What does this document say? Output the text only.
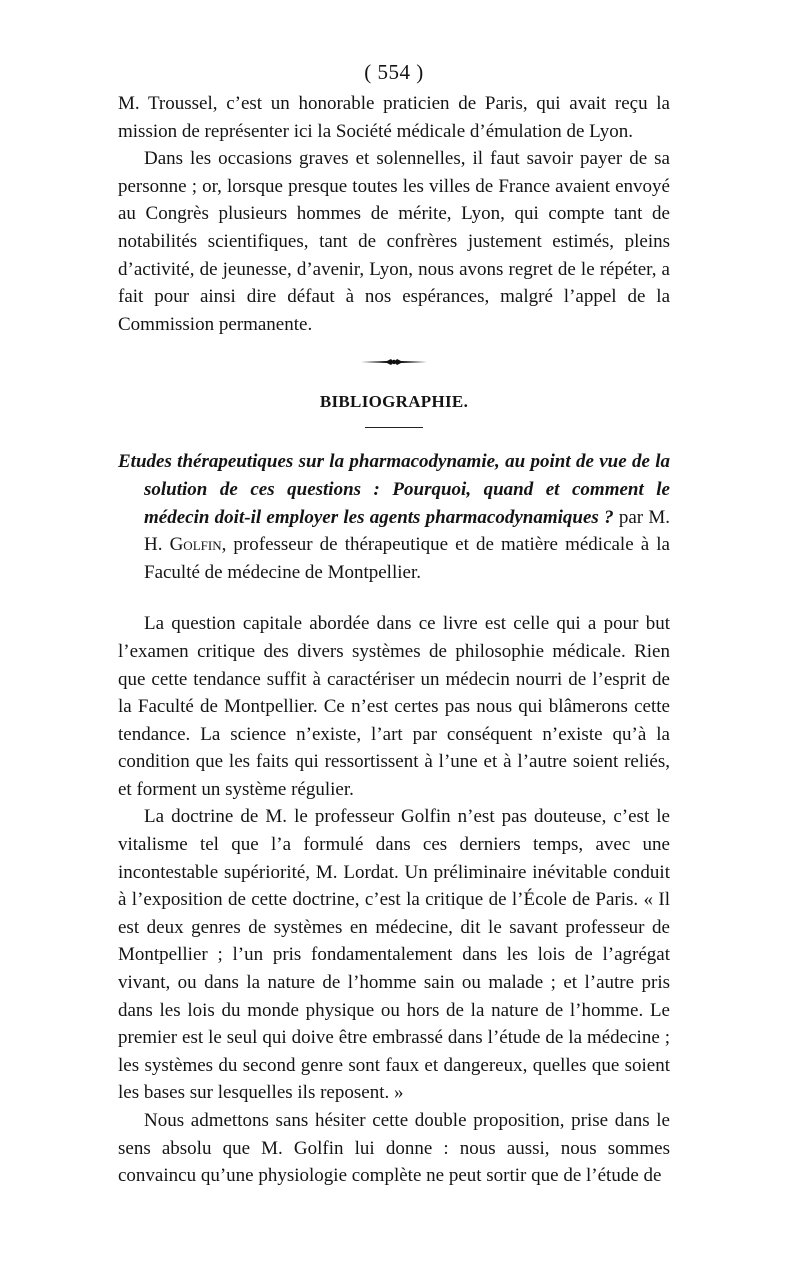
( 554 )

M. Troussel, c’est un honorable praticien de Paris, qui avait reçu la mission de représenter ici la Société médicale d’émulation de Lyon.

Dans les occasions graves et solennelles, il faut savoir payer de sa personne ; or, lorsque presque toutes les villes de France avaient envoyé au Congrès plusieurs hommes de mérite, Lyon, qui compte tant de notabilités scientifiques, tant de confrères justement estimés, pleins d’activité, de jeunesse, d’avenir, Lyon, nous avons regret de le répéter, a fait pour ainsi dire défaut à nos espérances, malgré l’appel de la Commission permanente.

BIBLIOGRAPHIE.

Etudes thérapeutiques sur la pharmacodynamie, au point de vue de la solution de ces questions : Pourquoi, quand et comment le médecin doit-il employer les agents pharmacodynamiques ? par M. H. Golfin, professeur de thérapeutique et de matière médicale à la Faculté de médecine de Montpellier.

La question capitale abordée dans ce livre est celle qui a pour but l’examen critique des divers systèmes de philosophie médicale. Rien que cette tendance suffit à caractériser un médecin nourri de l’esprit de la Faculté de Montpellier. Ce n’est certes pas nous qui blâmerons cette tendance. La science n’existe, l’art par conséquent n’existe qu’à la condition que les faits qui ressortissent à l’une et à l’autre soient reliés, et forment un système régulier.

La doctrine de M. le professeur Golfin n’est pas douteuse, c’est le vitalisme tel que l’a formulé dans ces derniers temps, avec une incontestable supériorité, M. Lordat. Un préliminaire inévitable conduit à l’exposition de cette doctrine, c’est la critique de l’École de Paris. « Il est deux genres de systèmes en médecine, dit le savant professeur de Montpellier ; l’un pris fondamentalement dans les lois de l’agrégat vivant, ou dans la nature de l’homme sain ou malade ; et l’autre pris dans les lois du monde physique ou hors de la nature de l’homme. Le premier est le seul qui doive être embrassé dans l’étude de la médecine ; les systèmes du second genre sont faux et dangereux, quelles que soient les bases sur lesquelles ils reposent. »

Nous admettons sans hésiter cette double proposition, prise dans le sens absolu que M. Golfin lui donne : nous aussi, nous sommes convaincu qu’une physiologie complète ne peut sortir que de l’étude de
